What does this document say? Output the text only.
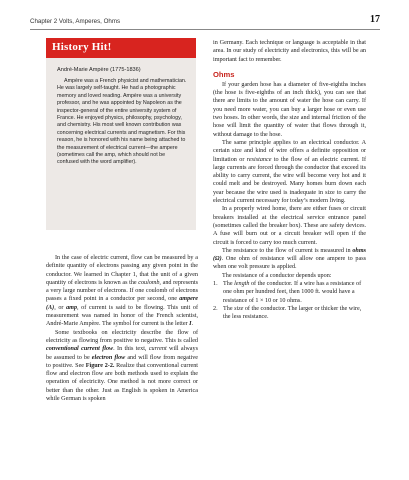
Chapter 2 Volts, Amperes, Ohms	17
History Hit!
André-Marie Ampère (1775-1836)

Ampère was a French physicist and mathematician. He was largely self-taught. He had a photographic memory and loved reading. Ampère was a university professor, and he was appointed by Napoleon as the inspector-general of the entire university system of France. He enjoyed physics, philosophy, psychology, and chemistry. His most well known contribution was concerning electrical currents and magnetism. For this reason, he is honored with his name being attached to the measurement of electrical current—the ampere (sometimes call the amp, which should not be confused with the word amplifier).

In the case of electric current, flow can be measured by a definite quantity of electrons passing any given point in the conductor. We learned in Chapter 1, that the unit of a given quantity of electrons is known as the coulomb, and represents a very large number of electrons. If one coulomb of electrons passes a fixed point in a conductor per second, one ampere (A), or amp, of current is said to be flowing. This unit of measurement was named in honor of the French scientist, André-Marie Ampère. The symbol for current is the letter I.

Some textbooks on electricity describe the flow of electricity as flowing from positive to negative. This is called conventional current flow. In this text, current will always be assumed to be electron flow and will flow from negative to positive. See Figure 2-2. Realize that conventional current flow and electron flow are both methods used to explain the operation of electricity. One method is not more correct or better than the other. Just as English is spoken in America while German is spoken

in Germany. Each technique or language is acceptable in that area. In our study of electricity and electronics, this will be an important fact to remember.

Ohms

If your garden hose has a diameter of five-eighths inches (the hose is five-eighths of an inch thick), you can see that there are limits to the amount of water the hose can carry. If you need more water, you can buy a larger hose or even use two hoses. In other words, the size and internal friction of the hose will limit the quantity of water that flows through it, without damage to the hose.

The same principle applies to an electrical conductor. A certain size and kind of wire offers a definite opposition or limitation or resistance to the flow of an electric current. If large currents are forced through the conductor that exceed its ability to carry current, the wire will become very hot and it could melt and be destroyed. Many homes burn down each year because the wire used is inadequate in size to carry the electrical current necessary for today’s modern living.

In a properly wired home, there are either fuses or circuit breakers installed at the electrical service entrance panel (sometimes called the breaker box). These are safety devices. A fuse will burn out or a circuit breaker will open if the circuit is forced to carry too much current.

The resistance to the flow of current is measured in ohms (Ω). One ohm of resistance will allow one ampere to pass when one volt pressure is applied.

The resistance of a conductor depends upon:

1. The length of the conductor. If a wire has a resistance of one ohm per hundred feet, then 1000 ft. would have a resistance of 1 × 10 or 10 ohms.
2. The size of the conductor. The larger or thicker the wire, the less resistance.
